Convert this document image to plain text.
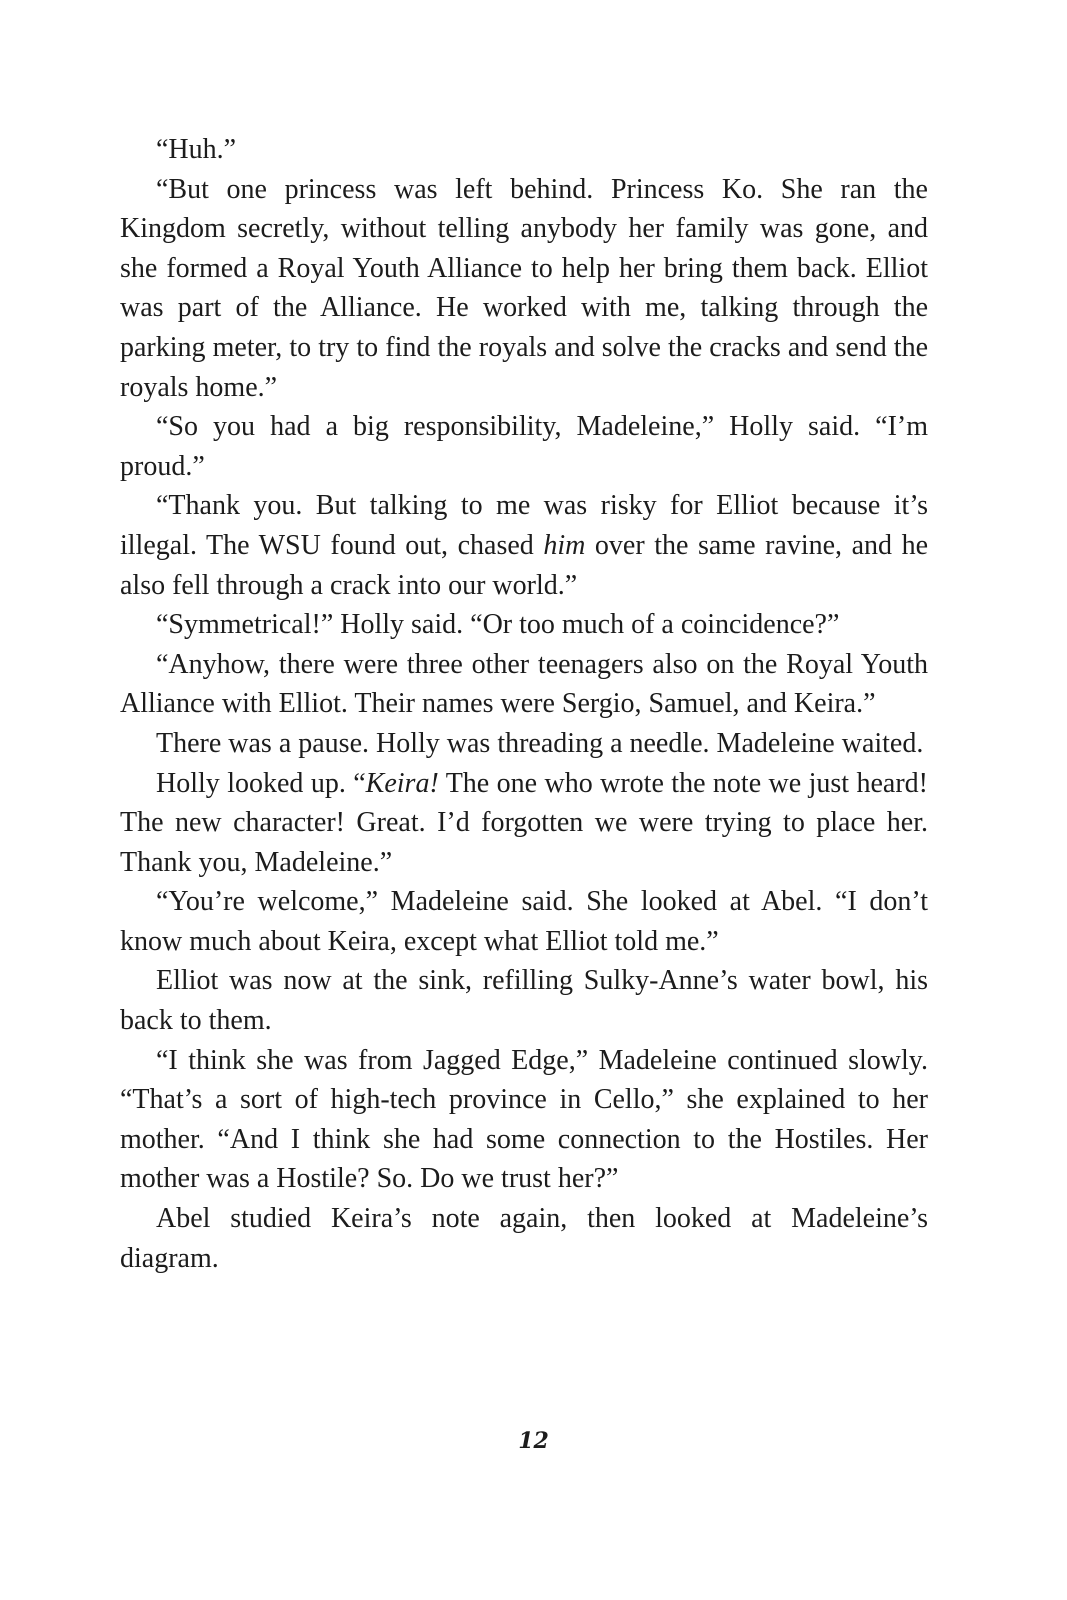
“Huh.”

“But one princess was left behind. Princess Ko. She ran the Kingdom secretly, without telling anybody her family was gone, and she formed a Royal Youth Alliance to help her bring them back. Elliot was part of the Alliance. He worked with me, talking through the parking meter, to try to find the royals and solve the cracks and send the royals home.”

“So you had a big responsibility, Madeleine,” Holly said. “I’m proud.”

“Thank you. But talking to me was risky for Elliot because it’s illegal. The WSU found out, chased him over the same ravine, and he also fell through a crack into our world.”

“Symmetrical!” Holly said. “Or too much of a coincidence?”

“Anyhow, there were three other teenagers also on the Royal Youth Alliance with Elliot. Their names were Sergio, Samuel, and Keira.”

There was a pause. Holly was threading a needle. Madeleine waited.

Holly looked up. “Keira! The one who wrote the note we just heard! The new character! Great. I’d forgotten we were trying to place her. Thank you, Madeleine.”

“You’re welcome,” Madeleine said. She looked at Abel. “I don’t know much about Keira, except what Elliot told me.”

Elliot was now at the sink, refilling Sulky-Anne’s water bowl, his back to them.

“I think she was from Jagged Edge,” Madeleine continued slowly. “That’s a sort of high-tech province in Cello,” she explained to her mother. “And I think she had some connection to the Hostiles. Her mother was a Hostile? So. Do we trust her?”

Abel studied Keira’s note again, then looked at Madeleine’s diagram.

12
